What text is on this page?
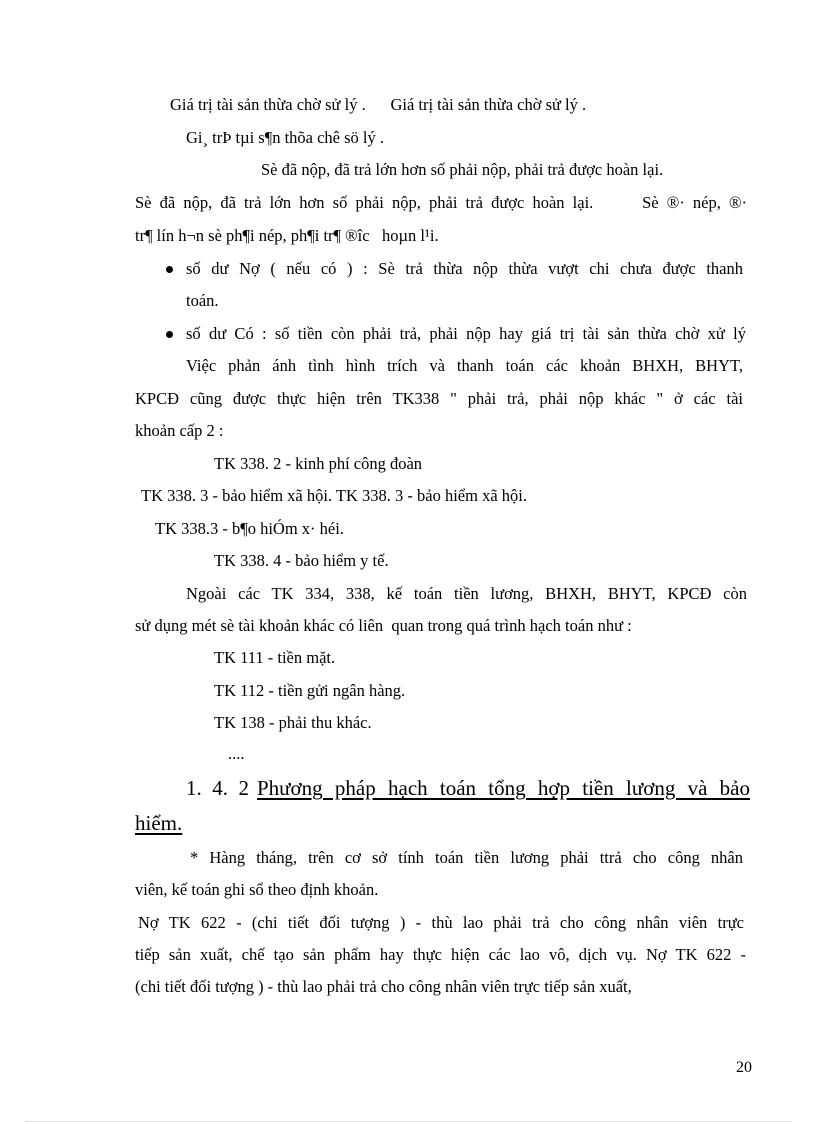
Giá trị tài sản thừa chờ sử lý .      Giá trị tài sản thừa chờ sử lý .
Gi¸ trÞ tµi s¶n thõa chê sö lý .
Sè đã nộp, đã trả lớn hơn số phải nộp, phải trả được hoàn lại.
Sè đã nộp, đã trả lớn hơn số phải nộp, phải trả được hoàn lại.      Sè ®· nép, ®·
tr¶ lín h¬n sè ph¶i nép, ph¶i tr¶ ®îc   hoµn l¹i.
số dư Nợ ( nếu có ) : Sè trả thừa nộp thừa vượt chi chưa được thanh
toán.
số dư Có : số tiền còn phải trả, phải nộp hay giá trị tài sản thừa chờ xử lý
Việc phản ánh tình hình trích và thanh toán các khoản BHXH, BHYT,
KPCĐ cũng được thực hiện trên TK338 " phải trả, phải nộp khác " ở các tài
khoản cấp 2 :
TK 338. 2 - kinh phí công đoàn
TK 338. 3 - bảo hiểm xã hội. TK 338. 3 - bảo hiểm xã hội.
TK 338.3 - b¶o hiÓm x· héi.
TK 338. 4 - bảo hiểm y tế.
Ngoài các TK 334, 338, kế toán tiền lương, BHXH, BHYT, KPCĐ còn
sử dụng mét sè tài khoản khác có liên  quan trong quá trình hạch toán như :
TK 111 - tiền mặt.
TK 112 - tiền gửi ngân hàng.
TK 138 - phải thu khác.
....
1.  4.  2 Phương  pháp  hạch  toán  tổng  hợp  tiền  lương  và  bảo
hiểm.
* Hàng tháng, trên cơ sở tính toán tiền lương phải ttrả cho công nhân
viên, kế toán ghi sổ theo định khoản.
Nợ TK 622 - (chi tiết đối tượng ) - thù lao phải trả cho công nhân viên trực
tiếp sản xuất, chế tạo sản phẩm hay thực hiện các lao vô, dịch vụ. Nợ TK 622 -
(chi tiết đối tượng ) - thù lao phải trả cho công nhân viên trực tiếp sản xuất,
20
